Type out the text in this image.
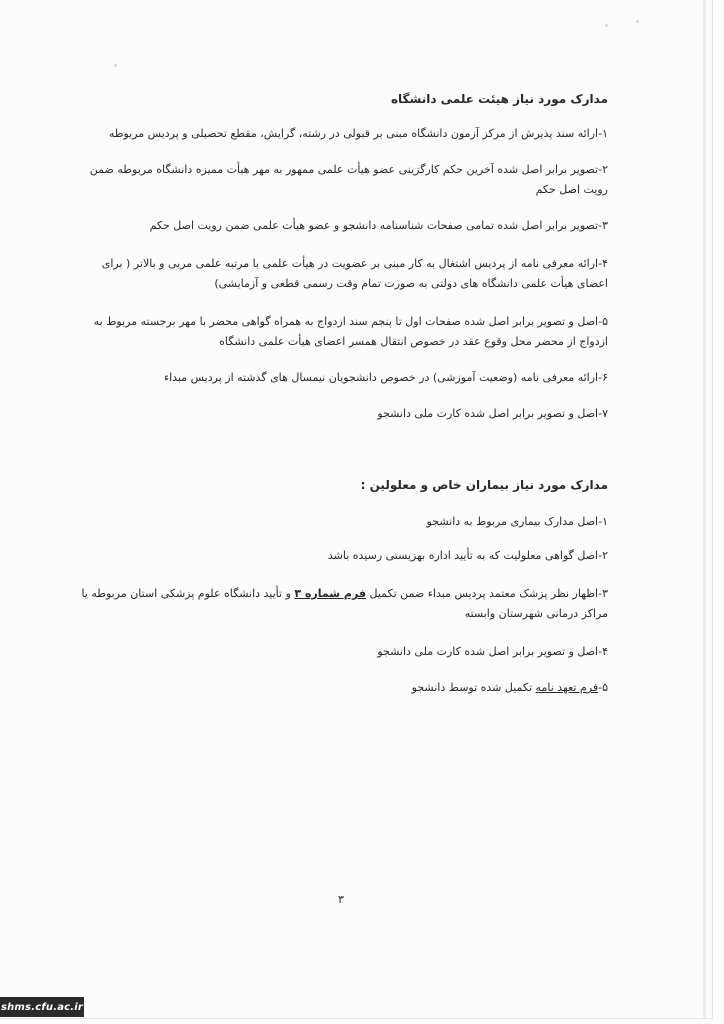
مدارک مورد نیاز هیئت علمی دانشگاه
۱-ارائه سند پذیرش از مرکز آزمون دانشگاه مبنی بر قبولی در رشته، گرایش، مقطع تحصیلی و پردیس مربوطه
۲-تصویر برابر اصل شده آخرین حکم کارگزینی عضو هیأت علمی ممهور به مهر هیأت ممیزه دانشگاه مربوطه ضمن رویت اصل حکم
۳-تصویر برابر اصل شده تمامی صفحات شناسنامه دانشجو و عضو هیأت علمی ضمن رویت اصل حکم
۴-ارائه معرفی نامه از پردیس اشتغال به کار مبنی بر عضویت در هیأت علمی با مرتبه علمی مربی و بالاتر ( برای اعضای هیأت علمی دانشگاه های دولتی به صورت تمام وقت رسمی قطعی و آزمایشی)
۵-اصل و تصویر برابر اصل شده صفحات اول تا پنجم سند ازدواج به همراه گواهی محضر با مهر برجسته مربوط به ازدواج از محضر محل وقوع عقد در خصوص انتقال همسر اعضای هیأت علمی دانشگاه
۶-ارائه معرفی نامه (وضعیت آموزشی) در خصوص دانشجویان نیمسال های گذشته از پردیس مبداء
۷-اصل و تصویر برابر اصل شده کارت ملی دانشجو
مدارک مورد نیاز بیماران خاص و معلولین :
۱-اصل مدارک بیماری مربوط به دانشجو
۲-اصل گواهی معلولیت که به تأیید اداره بهزیستی رسیده باشد
۳-اظهار نظر پزشک معتمد پردیس مبداء ضمن تکمیل فرم شماره ۳ و تأیید دانشگاه علوم پزشکی استان مربوطه یا مراکز درمانی شهرستان وابسته
۴-اصل و تصویر برابر اصل شده کارت ملی دانشجو
۵-فرم تعهد نامه تکمیل شده توسط دانشجو
۳
shms.cfu.ac.ir
